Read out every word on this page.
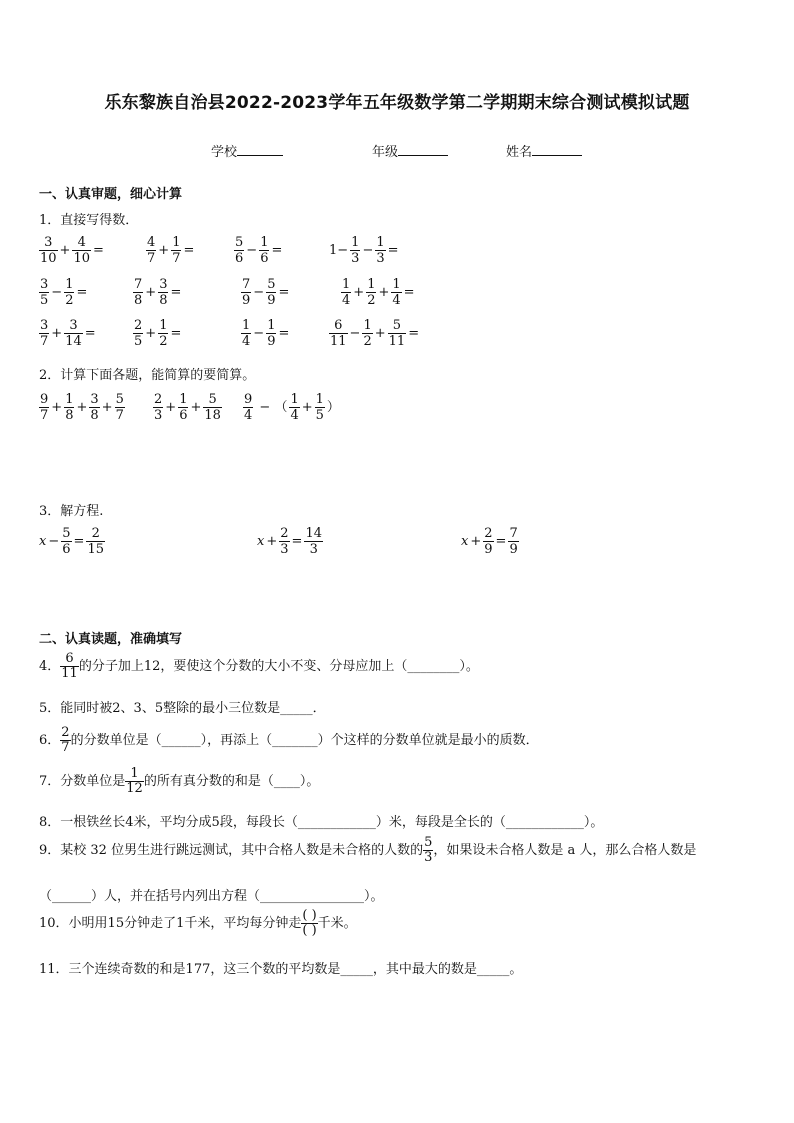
乐东黎族自治县2022-2023学年五年级数学第二学期期末综合测试模拟试题
学校	年级	姓名
一、认真审题，细心计算
1．直接写得数．
$\frac{3}{10} + \frac{4}{10}$ =	$\frac{4}{7} + \frac{1}{7}$ =	$\frac{5}{6} - \frac{1}{6}$ =	$1- \frac{1}{3} - \frac{1}{3}$ =
$\frac{3}{5} - \frac{1}{2}$ =	$\frac{7}{8} + \frac{3}{8}$ =	$\frac{7}{9} - \frac{5}{9}$ =	$\frac{1}{4} + \frac{1}{2} + \frac{1}{4}$ =
$\frac{3}{7} + \frac{3}{14}$ =	$\frac{2}{5} + \frac{1}{2}$ =	$\frac{1}{4} - \frac{1}{9}$ =	$\frac{6}{11} - \frac{1}{2} + \frac{5}{11}$ =
2．计算下面各题，能简算的要简算。
$\frac{9}{7} + \frac{1}{8} + \frac{3}{8} + \frac{5}{7} \frac{2}{3} + \frac{1}{6} + \frac{5}{18} \frac{9}{4}$ − （ $\frac{1}{4} + \frac{1}{5}$ ）
3．解方程.
$x - \frac{5}{6} = \frac{2}{15}$	$x + \frac{2}{3} = \frac{14}{3}$	$x + \frac{2}{9} = \frac{7}{9}$
二、认真读题，准确填写
4． $\frac{6}{11}$ 的分子加上12，要使这个分数的大小不变、分母应加上（________）。
5．能同时被2、3、5整除的最小三位数是_____．
6． $\frac{2}{7}$ 的分数单位是（______），再添上（_______）个这样的分数单位就是最小的质数．
7．分数单位是 $\frac{1}{12}$ 的所有真分数的和是（____）。
8．一根铁丝长4米，平均分成5段，每段长（____________）米，每段是全长的（____________）。
9．某校 32 位男生进行跳远测试，其中合格人数是未合格的人数的 $\frac{5}{3}$ ，如果设未合格人数是 a 人，那么合格人数是
（______）人，并在括号内列出方程（________________）。
10．小明用15分钟走了1千米，平均每分钟走 $\frac{( )}{( )}$ 千米。
11．三个连续奇数的和是177，这三个数的平均数是_____，其中最大的数是_____。
